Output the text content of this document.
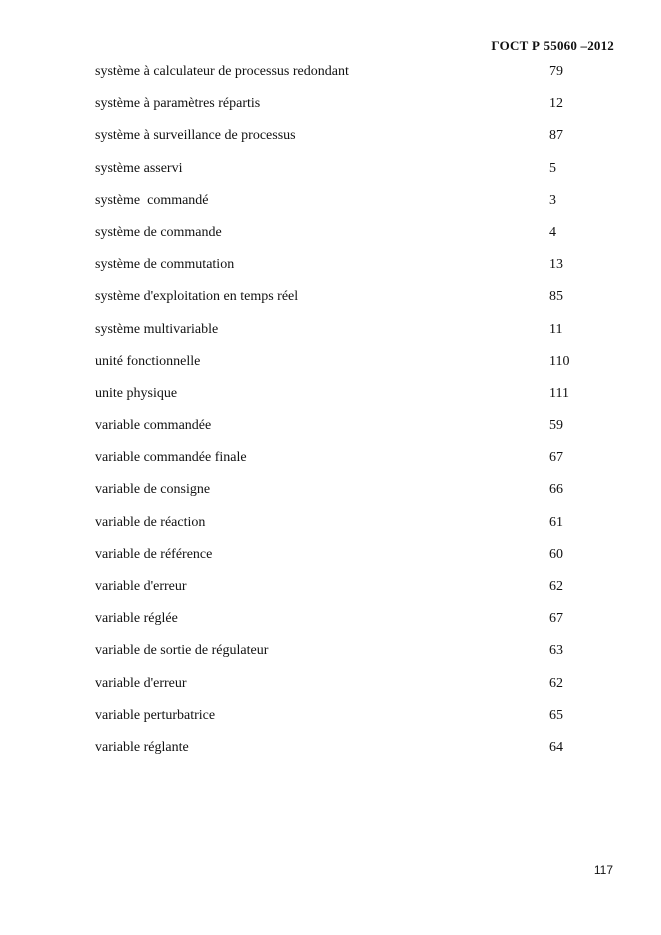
ГОСТ Р 55060 –2012
système à calculateur de processus redondant	79
système à paramètres répartis	12
système à surveillance de processus	87
système asservi	5
système  commandé	3
système de commande	4
système de commutation	13
système d'exploitation en temps réel	85
système multivariable	11
unité fonctionnelle	110
unite physique	111
variable commandée	59
variable commandée finale	67
variable de consigne	66
variable de réaction	61
variable de référence	60
variable d'erreur	62
variable réglée	67
variable de sortie de régulateur	63
variable d'erreur	62
variable perturbatrice	65
variable réglante	64
117
